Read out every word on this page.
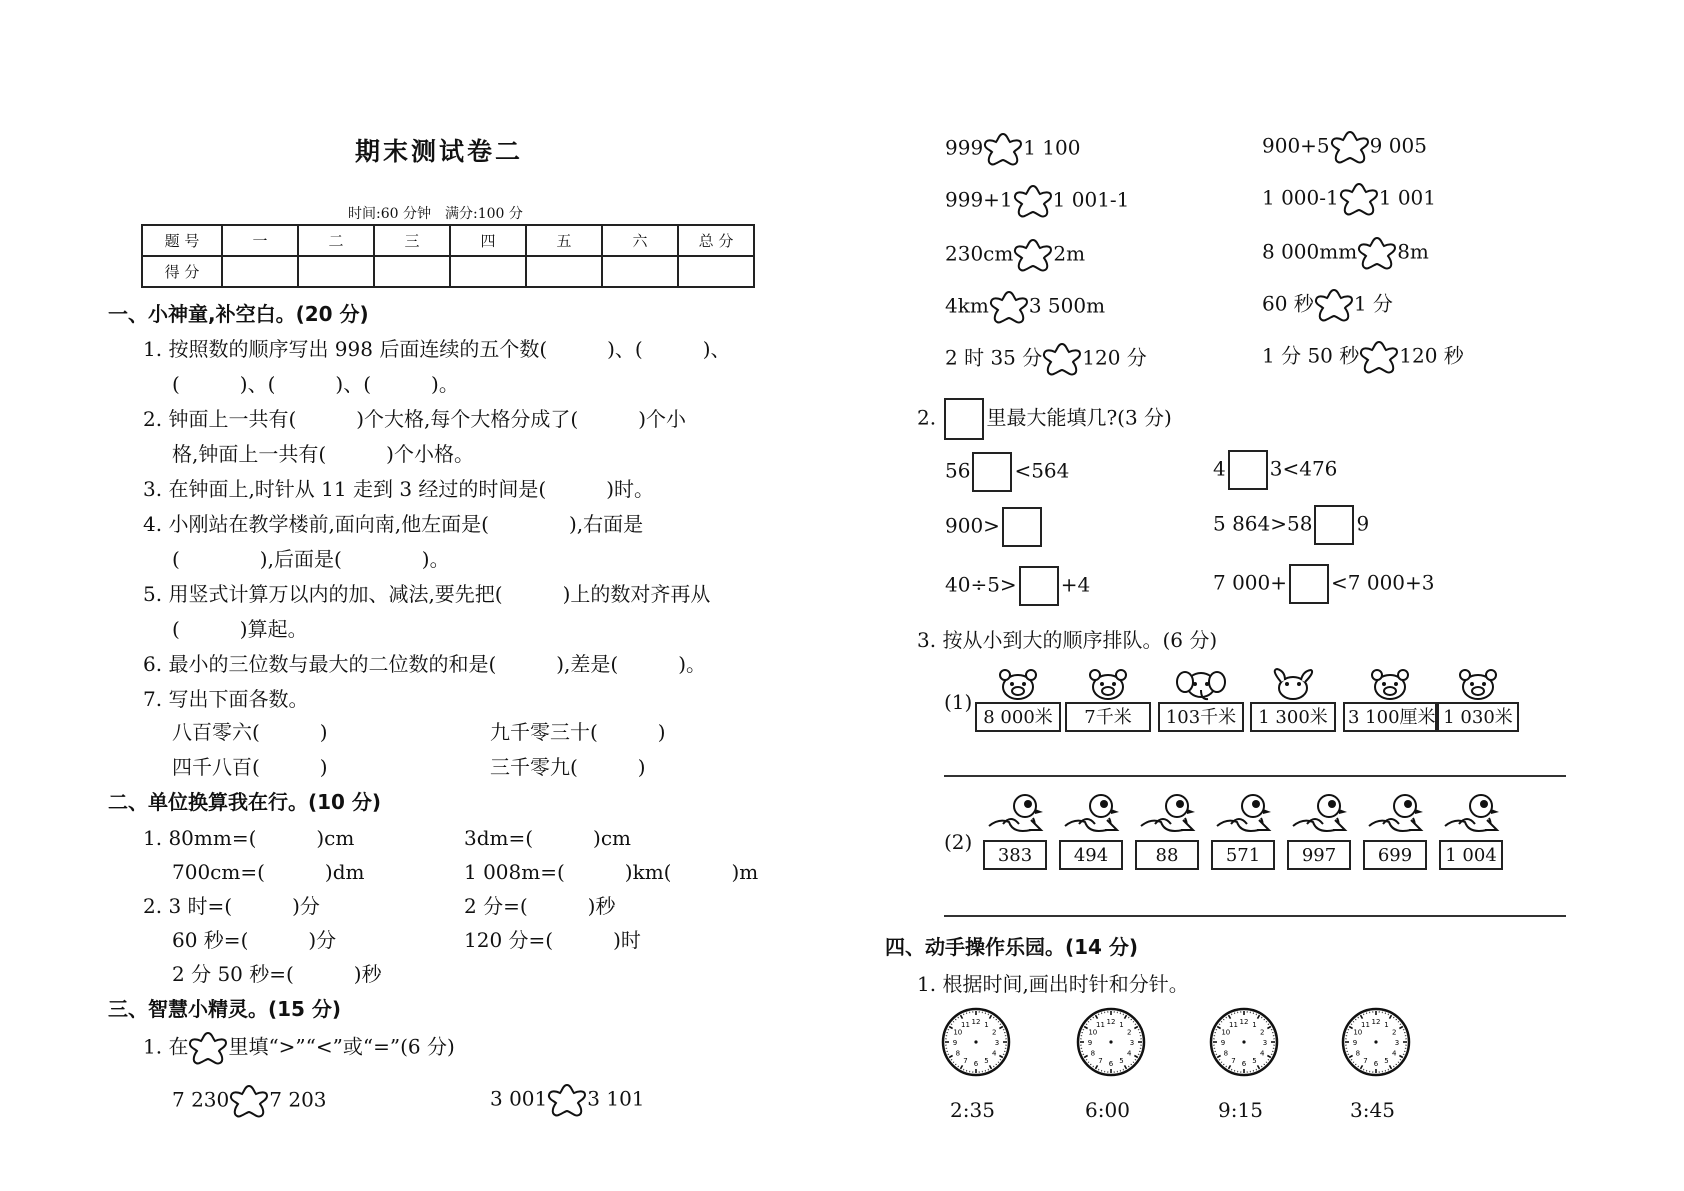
期末测试卷二
时间:60 分钟　满分:100 分
题 号	一	二	三	四	五	六	总 分
得 分							
一、小神童,补空白。(20 分)
1. 按照数的顺序写出 998 后面连续的五个数(　　　)、(　　　)、
(　　　)、(　　　)、(　　　)。
2. 钟面上一共有(　　　)个大格,每个大格分成了(　　　)个小
格,钟面上一共有(　　　)个小格。
3. 在钟面上,时针从 11 走到 3 经过的时间是(　　　)时。
4. 小刚站在教学楼前,面向南,他左面是(　　　　),右面是
(　　　　),后面是(　　　　)。
5. 用竖式计算万以内的加、减法,要先把(　　　)上的数对齐再从
(　　　)算起。
6. 最小的三位数与最大的二位数的和是(　　　),差是(　　　)。
7. 写出下面各数。
八百零六(　　　)	九千零三十(　　　)
四千八百(　　　)	三千零九(　　　)
二、单位换算我在行。(10 分)
1. 80mm=(　　　)cm	3dm=(　　　)cm
700cm=(　　　)dm	1 008m=(　　　)km(　　　)m
2. 3 时=(　　　)分	2 分=(　　　)秒
60 秒=(　　　)分	120 分=(　　　)时
2 分 50 秒=(　　　)秒
三、智慧小精灵。(15 分)
1. 在 里填“>”“<”或“=”(6 分)
7 230 7 203	3 001 3 101
999 1 100	900+5 9 005
999+1 1 001-1	1 000-1 1 001
230cm 2m	8 000mm 8m
4km 3 500m	60 秒 1 分
2 时 35 分 120 分	1 分 50 秒 120 秒
2.	里最大能填几?(3 分)
56 <564	4 3<476
900>	5 864>58 9
40÷5> +4	7 000+ <7 000+3
3. 按从小到大的顺序排队。(6 分)
(1)
8 000米	7千米	103千米	1 300米	3 100厘米 1 030米
(2)
383	494	88	571	997	699	1 004
四、动手操作乐园。(14 分)
1. 根据时间,画出时针和分针。
1
2
3
4
5
6
7
8
9
10
11 12
2:35
1
2
3
4
5
6
7
8
9
10
11 12
6:00
1
2
3
4
5
6
7
8
9
10
11 12
9:15
1
2
3
4
5
6
7
8
9
10
11 12
3:45
